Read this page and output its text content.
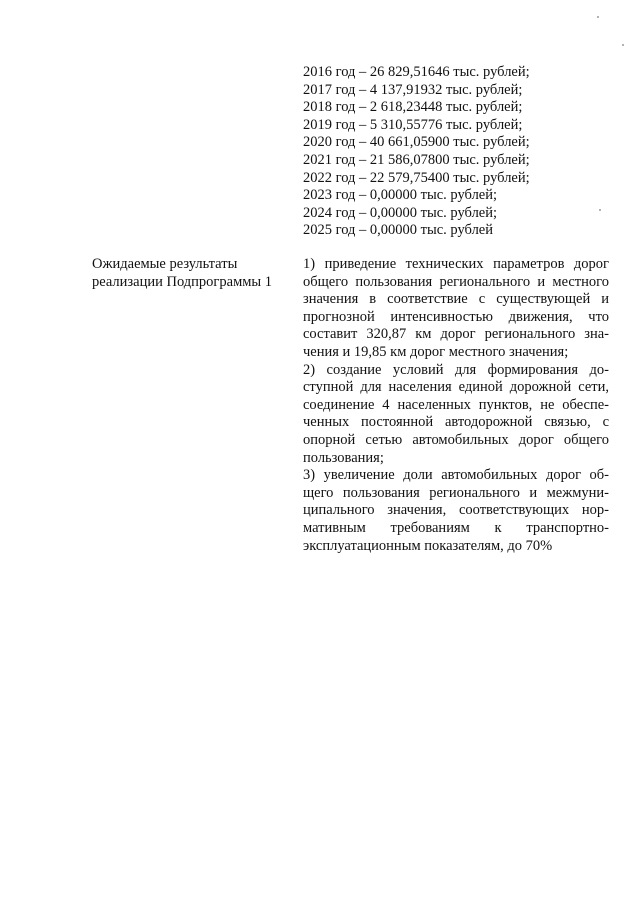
2016 год – 26 829,51646 тыс. рублей;
2017 год – 4 137,91932 тыс. рублей;
2018 год – 2 618,23448 тыс. рублей;
2019 год – 5 310,55776 тыс. рублей;
2020 год – 40 661,05900 тыс. рублей;
2021 год – 21 586,07800 тыс. рублей;
2022 год – 22 579,75400 тыс. рублей;
2023 год – 0,00000 тыс. рублей;
2024 год – 0,00000 тыс. рублей;
2025 год – 0,00000 тыс. рублей
Ожидаемые результаты
реализации Подпрограммы 1
1) приведение технических параметров дорог
общего пользования регионального и местного
значения в соответствие с существующей и
прогнозной интенсивностью движения, что
составит 320,87 км дорог регионального зна-
чения и 19,85 км дорог местного значения;
2) создание условий для формирования до-
ступной для населения единой дорожной сети,
соединение 4 населенных пунктов, не обеспе-
ченных постоянной автодорожной связью, с
опорной сетью автомобильных дорог общего
пользования;
3) увеличение доли автомобильных дорог об-
щего пользования регионального и межмуни-
ципального значения, соответствующих нор-
мативным требованиям к транспортно-
эксплуатационным показателям, до 70%
